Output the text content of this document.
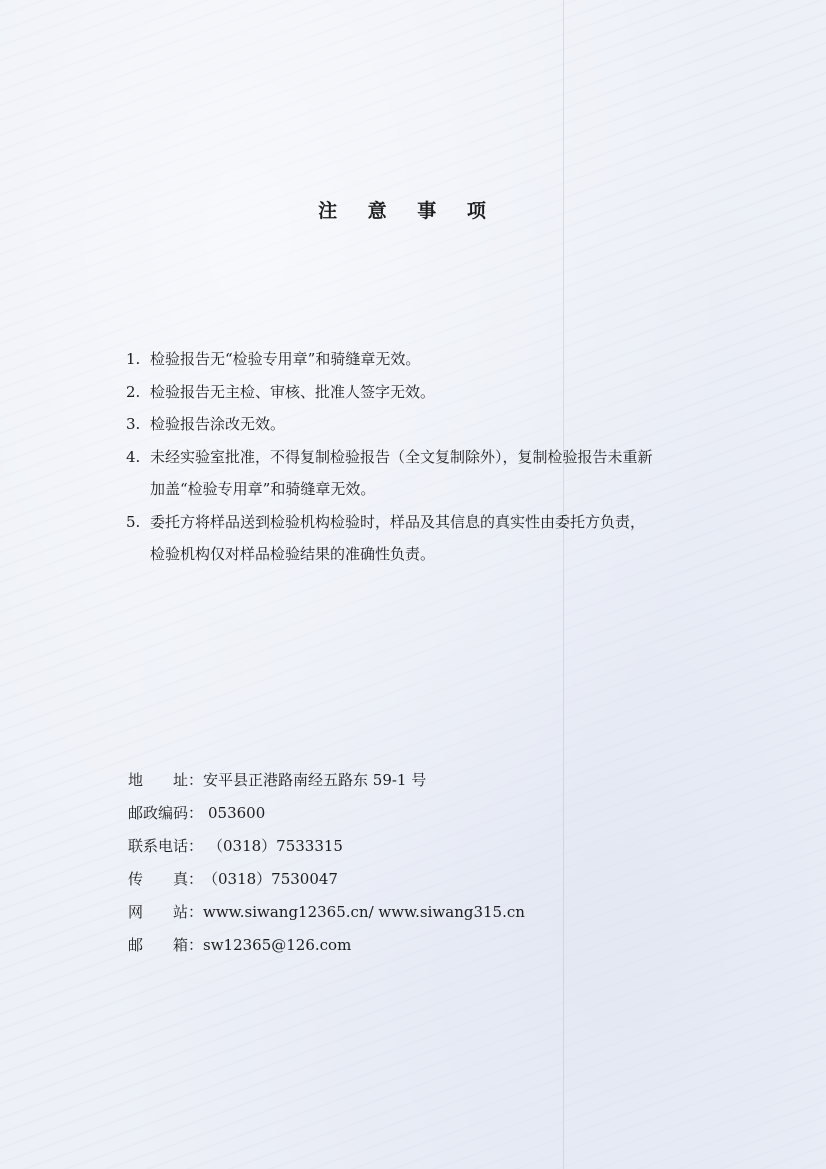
注 意 事 项
1. 检验报告无“检验专用章”和骑缝章无效。
2. 检验报告无主检、审核、批准人签字无效。
3. 检验报告涂改无效。
4. 未经实验室批准，不得复制检验报告（全文复制除外），复制检验报告未重新
加盖“检验专用章”和骑缝章无效。
5. 委托方将样品送到检验机构检验时，样品及其信息的真实性由委托方负责，
检验机构仅对样品检验结果的准确性负责。
地 址： 安平县正港路南经五路东 59-1 号
邮政编码： 053600
联系电话： （0318）7533315
传 真： （0318）7530047
网 站： www.siwang12365.cn/ www.siwang315.cn
邮 箱： sw12365@126.com
